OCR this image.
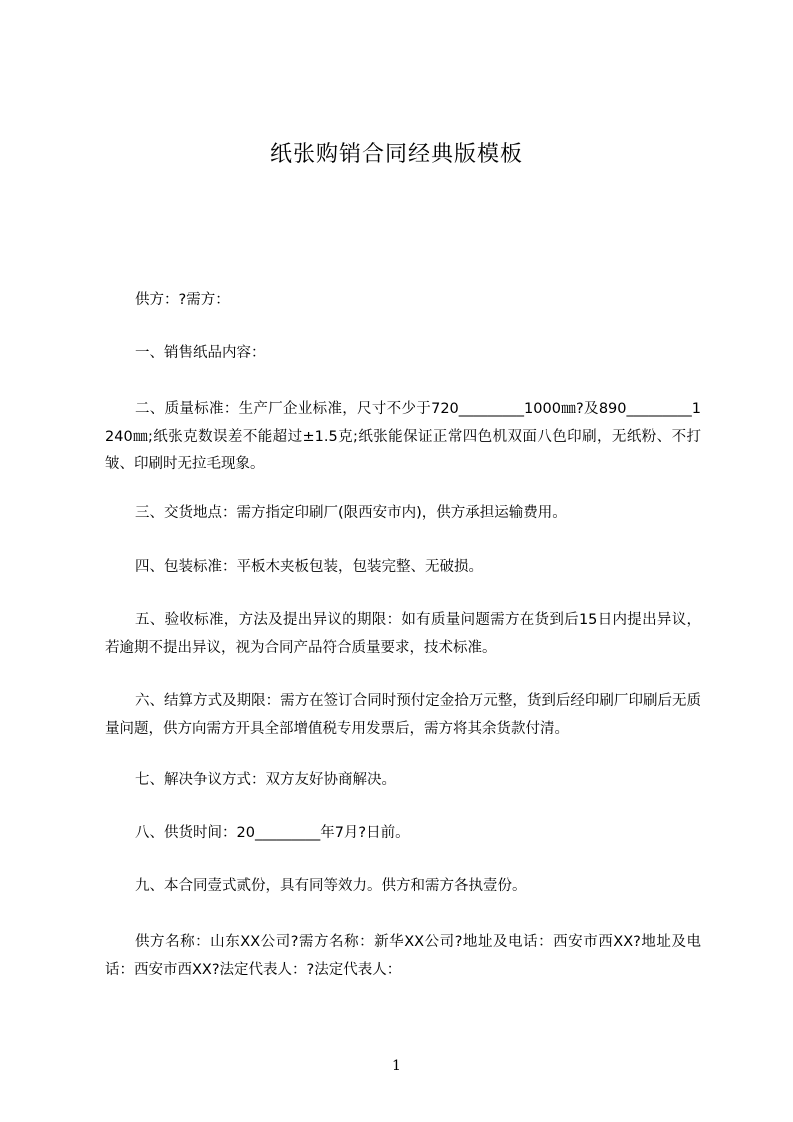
纸张购销合同经典版模板

供方：?需方：

一、销售纸品内容：

二、质量标准：生产厂企业标准，尺寸不少于720_________1000㎜?及890_________1240㎜;纸张克数误差不能超过±1.5克;纸张能保证正常四色机双面八色印刷，无纸粉、不打皱、印刷时无拉毛现象。

三、交货地点：需方指定印刷厂(限西安市内)，供方承担运输费用。

四、包装标准：平板木夹板包装，包装完整、无破损。

五、验收标准，方法及提出异议的期限：如有质量问题需方在货到后15日内提出异议，若逾期不提出异议，视为合同产品符合质量要求，技术标准。

六、结算方式及期限：需方在签订合同时预付定金拾万元整，货到后经印刷厂印刷后无质量问题，供方向需方开具全部增值税专用发票后，需方将其余货款付清。

七、解决争议方式：双方友好协商解决。

八、供货时间：20_________年7月?日前。

九、本合同壹式贰份，具有同等效力。供方和需方各执壹份。

供方名称：山东XX公司?需方名称：新华XX公司?地址及电话：西安市西XX?地址及电话：西安市西XX?法定代表人：?法定代表人：

1
